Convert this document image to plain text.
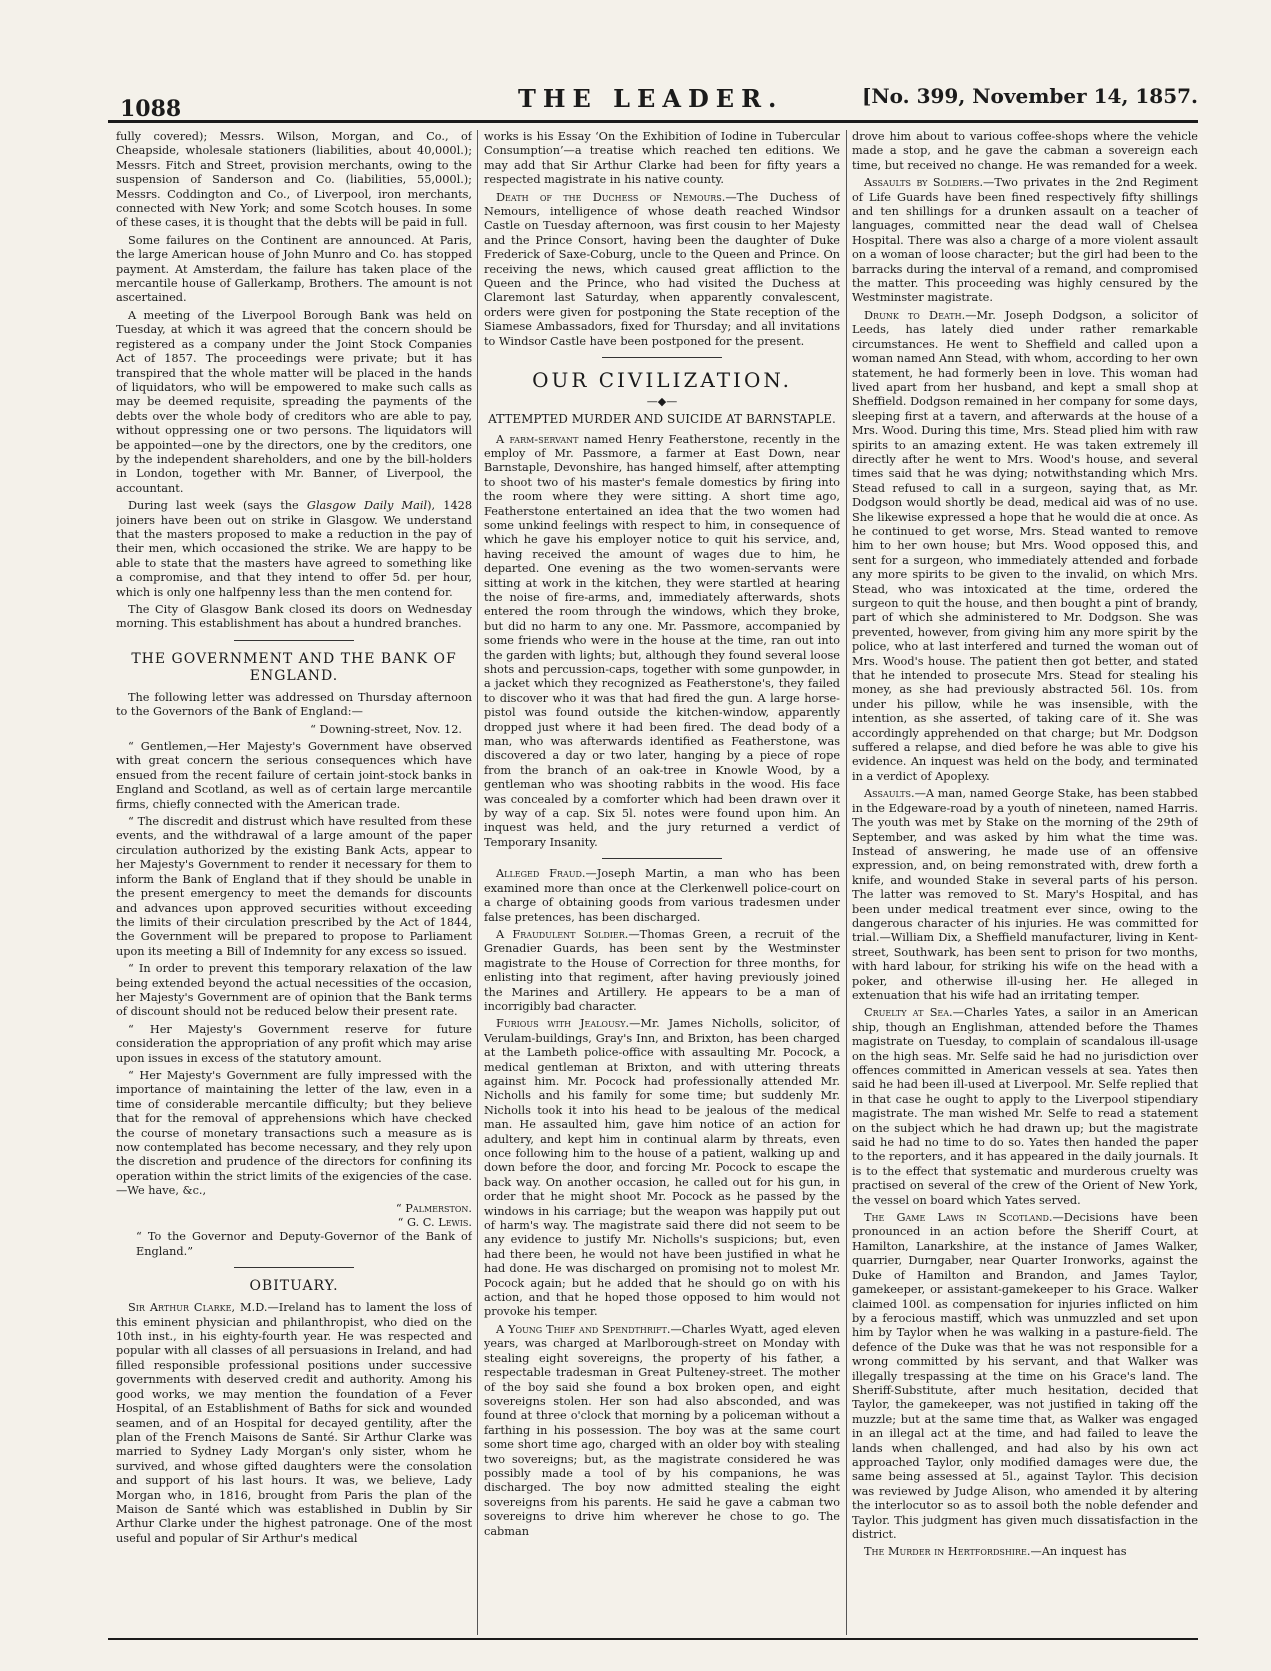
1088	THE LEADER.	[No. 399, November 14, 1857.

fully covered); Messrs. Wilson, Morgan, and Co., of Cheapside, wholesale stationers (liabilities, about 40,000l.); Messrs. Fitch and Street, provision merchants, owing to the suspension of Sanderson and Co. (liabilities, 55,000l.); Messrs. Coddington and Co., of Liverpool, iron merchants, connected with New York; and some Scotch houses. In some of these cases, it is thought that the debts will be paid in full.

Some failures on the Continent are announced. At Paris, the large American house of John Munro and Co. has stopped payment. At Amsterdam, the failure has taken place of the mercantile house of Gallerkamp, Brothers. The amount is not ascertained.

A meeting of the Liverpool Borough Bank was held on Tuesday, at which it was agreed that the concern should be registered as a company under the Joint Stock Companies Act of 1857. The proceedings were private; but it has transpired that the whole matter will be placed in the hands of liquidators, who will be empowered to make such calls as may be deemed requisite, spreading the payments of the debts over the whole body of creditors who are able to pay, without oppressing one or two persons. The liquidators will be appointed—one by the directors, one by the creditors, one by the independent shareholders, and one by the bill-holders in London, together with Mr. Banner, of Liverpool, the accountant.

During last week (says the Glasgow Daily Mail), 1428 joiners have been out on strike in Glasgow. We understand that the masters proposed to make a reduction in the pay of their men, which occasioned the strike. We are happy to be able to state that the masters have agreed to something like a compromise, and that they intend to offer 5d. per hour, which is only one halfpenny less than the men contend for.

The City of Glasgow Bank closed its doors on Wednesday morning. This establishment has about a hundred branches.

THE GOVERNMENT AND THE BANK OF ENGLAND.

The following letter was addressed on Thursday afternoon to the Governors of the Bank of England:—

“ Downing-street, Nov. 12.

“ Gentlemen,—Her Majesty's Government have observed with great concern the serious consequences which have ensued from the recent failure of certain joint-stock banks in England and Scotland, as well as of certain large mercantile firms, chiefly connected with the American trade.

“ The discredit and distrust which have resulted from these events, and the withdrawal of a large amount of the paper circulation authorized by the existing Bank Acts, appear to her Majesty's Government to render it necessary for them to inform the Bank of England that if they should be unable in the present emergency to meet the demands for discounts and advances upon approved securities without exceeding the limits of their circulation prescribed by the Act of 1844, the Government will be prepared to propose to Parliament upon its meeting a Bill of Indemnity for any excess so issued.

“ In order to prevent this temporary relaxation of the law being extended beyond the actual necessities of the occasion, her Majesty's Government are of opinion that the Bank terms of discount should not be reduced below their present rate.

“ Her Majesty's Government reserve for future consideration the appropriation of any profit which may arise upon issues in excess of the statutory amount.

“ Her Majesty's Government are fully impressed with the importance of maintaining the letter of the law, even in a time of considerable mercantile difficulty; but they believe that for the removal of apprehensions which have checked the course of monetary transactions such a measure as is now contemplated has become necessary, and they rely upon the discretion and prudence of the directors for confining its operation within the strict limits of the exigencies of the case.—We have, &c.,

“ Palmerston.

“ G. C. Lewis.

“ To the Governor and Deputy-Governor of the Bank of England.”

OBITUARY.

Sir Arthur Clarke, M.D.—Ireland has to lament the loss of this eminent physician and philanthropist, who died on the 10th inst., in his eighty-fourth year. He was respected and popular with all classes of all persuasions in Ireland, and had filled responsible professional positions under successive governments with deserved credit and authority. Among his good works, we may mention the foundation of a Fever Hospital, of an Establishment of Baths for sick and wounded seamen, and of an Hospital for decayed gentility, after the plan of the French Maisons de Santé. Sir Arthur Clarke was married to Sydney Lady Morgan's only sister, whom he survived, and whose gifted daughters were the consolation and support of his last hours. It was, we believe, Lady Morgan who, in 1816, brought from Paris the plan of the Maison de Santé which was established in Dublin by Sir Arthur Clarke under the highest patronage. One of the most useful and popular of Sir Arthur's medical

works is his Essay ‘On the Exhibition of Iodine in Tubercular Consumption’—a treatise which reached ten editions. We may add that Sir Arthur Clarke had been for fifty years a respected magistrate in his native county.

Death of the Duchess of Nemours.—The Duchess of Nemours, intelligence of whose death reached Windsor Castle on Tuesday afternoon, was first cousin to her Majesty and the Prince Consort, having been the daughter of Duke Frederick of Saxe-Coburg, uncle to the Queen and Prince. On receiving the news, which caused great affliction to the Queen and the Prince, who had visited the Duchess at Claremont last Saturday, when apparently convalescent, orders were given for postponing the State reception of the Siamese Ambassadors, fixed for Thursday; and all invitations to Windsor Castle have been postponed for the present.

OUR CIVILIZATION.

—◆—

ATTEMPTED MURDER AND SUICIDE AT BARNSTAPLE.

A farm-servant named Henry Featherstone, recently in the employ of Mr. Passmore, a farmer at East Down, near Barnstaple, Devonshire, has hanged himself, after attempting to shoot two of his master's female domestics by firing into the room where they were sitting. A short time ago, Featherstone entertained an idea that the two women had some unkind feelings with respect to him, in consequence of which he gave his employer notice to quit his service, and, having received the amount of wages due to him, he departed. One evening as the two women-servants were sitting at work in the kitchen, they were startled at hearing the noise of fire-arms, and, immediately afterwards, shots entered the room through the windows, which they broke, but did no harm to any one. Mr. Passmore, accompanied by some friends who were in the house at the time, ran out into the garden with lights; but, although they found several loose shots and percussion-caps, together with some gunpowder, in a jacket which they recognized as Featherstone's, they failed to discover who it was that had fired the gun. A large horse-pistol was found outside the kitchen-window, apparently dropped just where it had been fired. The dead body of a man, who was afterwards identified as Featherstone, was discovered a day or two later, hanging by a piece of rope from the branch of an oak-tree in Knowle Wood, by a gentleman who was shooting rabbits in the wood. His face was concealed by a comforter which had been drawn over it by way of a cap. Six 5l. notes were found upon him. An inquest was held, and the jury returned a verdict of Temporary Insanity.

Alleged Fraud.—Joseph Martin, a man who has been examined more than once at the Clerkenwell police-court on a charge of obtaining goods from various tradesmen under false pretences, has been discharged.

A Fraudulent Soldier.—Thomas Green, a recruit of the Grenadier Guards, has been sent by the Westminster magistrate to the House of Correction for three months, for enlisting into that regiment, after having previously joined the Marines and Artillery. He appears to be a man of incorrigibly bad character.

Furious with Jealousy.—Mr. James Nicholls, solicitor, of Verulam-buildings, Gray's Inn, and Brixton, has been charged at the Lambeth police-office with assaulting Mr. Pocock, a medical gentleman at Brixton, and with uttering threats against him. Mr. Pocock had professionally attended Mr. Nicholls and his family for some time; but suddenly Mr. Nicholls took it into his head to be jealous of the medical man. He assaulted him, gave him notice of an action for adultery, and kept him in continual alarm by threats, even once following him to the house of a patient, walking up and down before the door, and forcing Mr. Pocock to escape the back way. On another occasion, he called out for his gun, in order that he might shoot Mr. Pocock as he passed by the windows in his carriage; but the weapon was happily put out of harm's way. The magistrate said there did not seem to be any evidence to justify Mr. Nicholls's suspicions; but, even had there been, he would not have been justified in what he had done. He was discharged on promising not to molest Mr. Pocock again; but he added that he should go on with his action, and that he hoped those opposed to him would not provoke his temper.

A Young Thief and Spendthrift.—Charles Wyatt, aged eleven years, was charged at Marlborough-street on Monday with stealing eight sovereigns, the property of his father, a respectable tradesman in Great Pulteney-street. The mother of the boy said she found a box broken open, and eight sovereigns stolen. Her son had also absconded, and was found at three o'clock that morning by a policeman without a farthing in his possession. The boy was at the same court some short time ago, charged with an older boy with stealing two sovereigns; but, as the magistrate considered he was possibly made a tool of by his companions, he was discharged. The boy now admitted stealing the eight sovereigns from his parents. He said he gave a cabman two sovereigns to drive him wherever he chose to go. The cabman

drove him about to various coffee-shops where the vehicle made a stop, and he gave the cabman a sovereign each time, but received no change. He was remanded for a week.

Assaults by Soldiers.—Two privates in the 2nd Regiment of Life Guards have been fined respectively fifty shillings and ten shillings for a drunken assault on a teacher of languages, committed near the dead wall of Chelsea Hospital. There was also a charge of a more violent assault on a woman of loose character; but the girl had been to the barracks during the interval of a remand, and compromised the matter. This proceeding was highly censured by the Westminster magistrate.

Drunk to Death.—Mr. Joseph Dodgson, a solicitor of Leeds, has lately died under rather remarkable circumstances. He went to Sheffield and called upon a woman named Ann Stead, with whom, according to her own statement, he had formerly been in love. This woman had lived apart from her husband, and kept a small shop at Sheffield. Dodgson remained in her company for some days, sleeping first at a tavern, and afterwards at the house of a Mrs. Wood. During this time, Mrs. Stead plied him with raw spirits to an amazing extent. He was taken extremely ill directly after he went to Mrs. Wood's house, and several times said that he was dying; notwithstanding which Mrs. Stead refused to call in a surgeon, saying that, as Mr. Dodgson would shortly be dead, medical aid was of no use. She likewise expressed a hope that he would die at once. As he continued to get worse, Mrs. Stead wanted to remove him to her own house; but Mrs. Wood opposed this, and sent for a surgeon, who immediately attended and forbade any more spirits to be given to the invalid, on which Mrs. Stead, who was intoxicated at the time, ordered the surgeon to quit the house, and then bought a pint of brandy, part of which she administered to Mr. Dodgson. She was prevented, however, from giving him any more spirit by the police, who at last interfered and turned the woman out of Mrs. Wood's house. The patient then got better, and stated that he intended to prosecute Mrs. Stead for stealing his money, as she had previously abstracted 56l. 10s. from under his pillow, while he was insensible, with the intention, as she asserted, of taking care of it. She was accordingly apprehended on that charge; but Mr. Dodgson suffered a relapse, and died before he was able to give his evidence. An inquest was held on the body, and terminated in a verdict of Apoplexy.

Assaults.—A man, named George Stake, has been stabbed in the Edgeware-road by a youth of nineteen, named Harris. The youth was met by Stake on the morning of the 29th of September, and was asked by him what the time was. Instead of answering, he made use of an offensive expression, and, on being remonstrated with, drew forth a knife, and wounded Stake in several parts of his person. The latter was removed to St. Mary's Hospital, and has been under medical treatment ever since, owing to the dangerous character of his injuries. He was committed for trial.—William Dix, a Sheffield manufacturer, living in Kent-street, Southwark, has been sent to prison for two months, with hard labour, for striking his wife on the head with a poker, and otherwise ill-using her. He alleged in extenuation that his wife had an irritating temper.

Cruelty at Sea.—Charles Yates, a sailor in an American ship, though an Englishman, attended before the Thames magistrate on Tuesday, to complain of scandalous ill-usage on the high seas. Mr. Selfe said he had no jurisdiction over offences committed in American vessels at sea. Yates then said he had been ill-used at Liverpool. Mr. Selfe replied that in that case he ought to apply to the Liverpool stipendiary magistrate. The man wished Mr. Selfe to read a statement on the subject which he had drawn up; but the magistrate said he had no time to do so. Yates then handed the paper to the reporters, and it has appeared in the daily journals. It is to the effect that systematic and murderous cruelty was practised on several of the crew of the Orient of New York, the vessel on board which Yates served.

The Game Laws in Scotland.—Decisions have been pronounced in an action before the Sheriff Court, at Hamilton, Lanarkshire, at the instance of James Walker, quarrier, Durngaber, near Quarter Ironworks, against the Duke of Hamilton and Brandon, and James Taylor, gamekeeper, or assistant-gamekeeper to his Grace. Walker claimed 100l. as compensation for injuries inflicted on him by a ferocious mastiff, which was unmuzzled and set upon him by Taylor when he was walking in a pasture-field. The defence of the Duke was that he was not responsible for a wrong committed by his servant, and that Walker was illegally trespassing at the time on his Grace's land. The Sheriff-Substitute, after much hesitation, decided that Taylor, the gamekeeper, was not justified in taking off the muzzle; but at the same time that, as Walker was engaged in an illegal act at the time, and had failed to leave the lands when challenged, and had also by his own act approached Taylor, only modified damages were due, the same being assessed at 5l., against Taylor. This decision was reviewed by Judge Alison, who amended it by altering the interlocutor so as to assoil both the noble defender and Taylor. This judgment has given much dissatisfaction in the district.

The Murder in Hertfordshire.—An inquest has
